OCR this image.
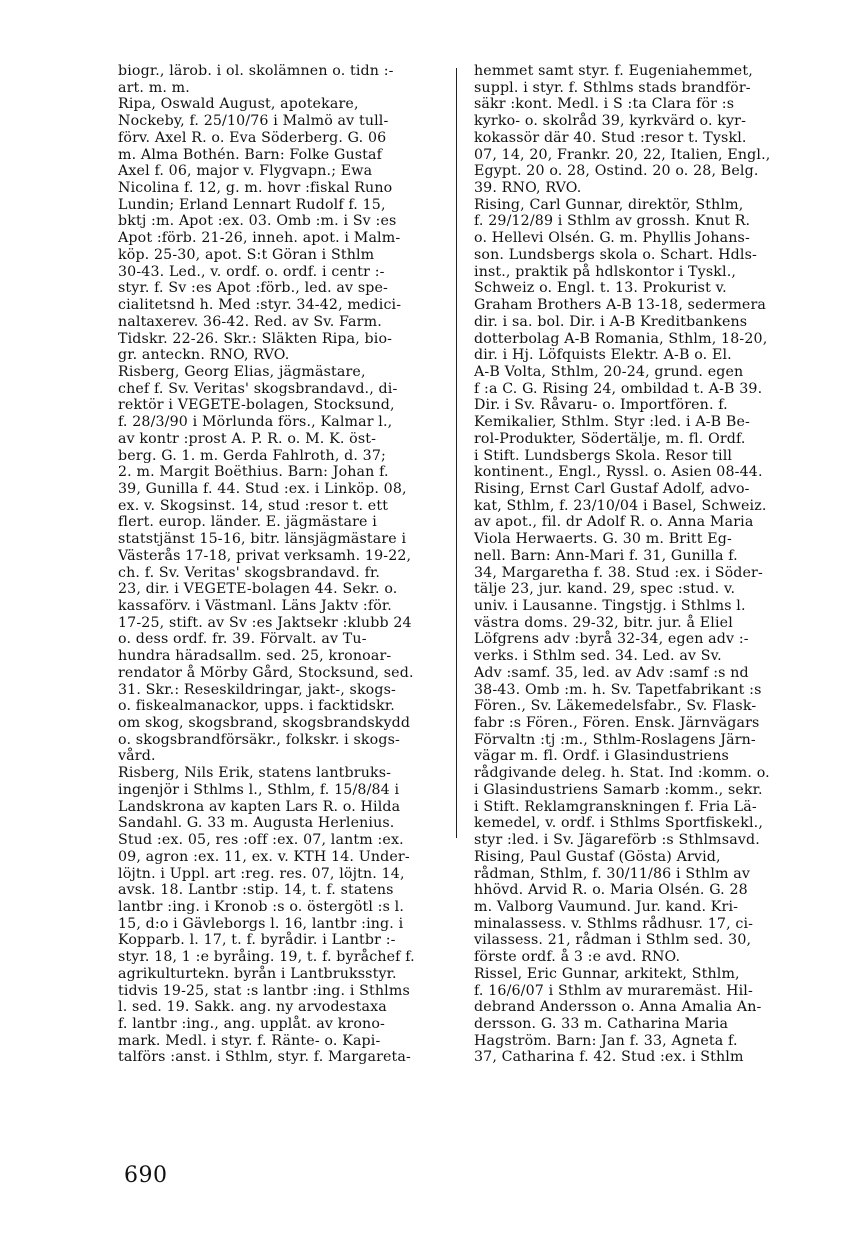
biogr., lärob. i ol. skolämnen o. tidn :-
art. m. m.
Ripa, Oswald August, apotekare,
Nockeby, f. 25/10/76 i Malmö av tull-
förv. Axel R. o. Eva Söderberg. G. 06
m. Alma Bothén. Barn: Folke Gustaf
Axel f. 06, major v. Flygvapn.; Ewa
Nicolina f. 12, g. m. hovr :fiskal Runo
Lundin; Erland Lennart Rudolf f. 15,
bktj :m. Apot :ex. 03. Omb :m. i Sv :es
Apot :förb. 21-26, inneh. apot. i Malm-
köp. 25-30, apot. S:t Göran i Sthlm
30-43. Led., v. ordf. o. ordf. i centr :-
styr. f. Sv :es Apot :förb., led. av spe-
cialitetsnd h. Med :styr. 34-42, medici-
naltaxerev. 36-42. Red. av Sv. Farm.
Tidskr. 22-26. Skr.: Släkten Ripa, bio-
gr. anteckn. RNO, RVO.
Risberg, Georg Elias, jägmästare,
chef f. Sv. Veritas' skogsbrandavd., di-
rektör i VEGETE-bolagen, Stocksund,
f. 28/3/90 i Mörlunda förs., Kalmar l.,
av kontr :prost A. P. R. o. M. K. öst-
berg. G. 1. m. Gerda Fahlroth, d. 37;
2. m. Margit Boëthius. Barn: Johan f.
39, Gunilla f. 44. Stud :ex. i Linköp. 08,
ex. v. Skogsinst. 14, stud :resor t. ett
flert. europ. länder. E. jägmästare i
statstjänst 15-16, bitr. länsjägmästare i
Västerås 17-18, privat verksamh. 19-22,
ch. f. Sv. Veritas' skogsbrandavd. fr.
23, dir. i VEGETE-bolagen 44. Sekr. o.
kassaförv. i Västmanl. Läns Jaktv :för.
17-25, stift. av Sv :es Jaktsekr :klubb 24
o. dess ordf. fr. 39. Förvalt. av Tu-
hundra häradsallm. sed. 25, kronoar-
rendator å Mörby Gård, Stocksund, sed.
31. Skr.: Reseskildringar, jakt-, skogs-
o. fiskealmanackor, upps. i facktidskr.
om skog, skogsbrand, skogsbrandskydd
o. skogsbrandförsäkr., folkskr. i skogs-
vård.
Risberg, Nils Erik, statens lantbruks-
ingenjör i Sthlms l., Sthlm, f. 15/8/84 i
Landskrona av kapten Lars R. o. Hilda
Sandahl. G. 33 m. Augusta Herlenius.
Stud :ex. 05, res :off :ex. 07, lantm :ex.
09, agron :ex. 11, ex. v. KTH 14. Under-
löjtn. i Uppl. art :reg. res. 07, löjtn. 14,
avsk. 18. Lantbr :stip. 14, t. f. statens
lantbr :ing. i Kronob :s o. östergötl :s l.
15, d:o i Gävleborgs l. 16, lantbr :ing. i
Kopparb. l. 17, t. f. byrådir. i Lantbr :-
styr. 18, 1 :e byråing. 19, t. f. byråchef f.
agrikulturtekn. byrån i Lantbruksstyr.
tidvis 19-25, stat :s lantbr :ing. i Sthlms
l. sed. 19. Sakk. ang. ny arvodestaxa
f. lantbr :ing., ang. upplåt. av krono-
mark. Medl. i styr. f. Ränte- o. Kapi-
talförs :anst. i Sthlm, styr. f. Margareta-
hemmet samt styr. f. Eugeniahemmet,
suppl. i styr. f. Sthlms stads brandför-
säkr :kont. Medl. i S :ta Clara för :s
kyrko- o. skolråd 39, kyrkvärd o. kyr-
kokassör där 40. Stud :resor t. Tyskl.
07, 14, 20, Frankr. 20, 22, Italien, Engl.,
Egypt. 20 o. 28, Ostind. 20 o. 28, Belg.
39. RNO, RVO.
Rising, Carl Gunnar, direktör, Sthlm,
f. 29/12/89 i Sthlm av grossh. Knut R.
o. Hellevi Olsén. G. m. Phyllis Johans-
son. Lundsbergs skola o. Schart. Hdls-
inst., praktik på hdlskontor i Tyskl.,
Schweiz o. Engl. t. 13. Prokurist v.
Graham Brothers A-B 13-18, sedermera
dir. i sa. bol. Dir. i A-B Kreditbankens
dotterbolag A-B Romania, Sthlm, 18-20,
dir. i Hj. Löfquists Elektr. A-B o. El.
A-B Volta, Sthlm, 20-24, grund. egen
f :a C. G. Rising 24, ombildad t. A-B 39.
Dir. i Sv. Råvaru- o. Importfören. f.
Kemikalier, Sthlm. Styr :led. i A-B Be-
rol-Produkter, Södertälje, m. fl. Ordf.
i Stift. Lundsbergs Skola. Resor till
kontinent., Engl., Ryssl. o. Asien 08-44.
Rising, Ernst Carl Gustaf Adolf, advo-
kat, Sthlm, f. 23/10/04 i Basel, Schweiz.
av apot., fil. dr Adolf R. o. Anna Maria
Viola Herwaerts. G. 30 m. Britt Eg-
nell. Barn: Ann-Mari f. 31, Gunilla f.
34, Margaretha f. 38. Stud :ex. i Söder-
tälje 23, jur. kand. 29, spec :stud. v.
univ. i Lausanne. Tingstjg. i Sthlms l.
västra doms. 29-32, bitr. jur. å Eliel
Löfgrens adv :byrå 32-34, egen adv :-
verks. i Sthlm sed. 34. Led. av Sv.
Adv :samf. 35, led. av Adv :samf :s nd
38-43. Omb :m. h. Sv. Tapetfabrikant :s
Fören., Sv. Läkemedelsfabr., Sv. Flask-
fabr :s Fören., Fören. Ensk. Järnvägars
Förvaltn :tj :m., Sthlm-Roslagens Järn-
vägar m. fl. Ordf. i Glasindustriens
rådgivande deleg. h. Stat. Ind :komm. o.
i Glasindustriens Samarb :komm., sekr.
i Stift. Reklamgranskningen f. Fria Lä-
kemedel, v. ordf. i Sthlms Sportfiskekl.,
styr :led. i Sv. Jägareförb :s Sthlmsavd.
Rising, Paul Gustaf (Gösta) Arvid,
rådman, Sthlm, f. 30/11/86 i Sthlm av
hhövd. Arvid R. o. Maria Olsén. G. 28
m. Valborg Vaumund. Jur. kand. Kri-
minalassess. v. Sthlms rådhusr. 17, ci-
vilassess. 21, rådman i Sthlm sed. 30,
förste ordf. å 3 :e avd. RNO.
Rissel, Eric Gunnar, arkitekt, Sthlm,
f. 16/6/07 i Sthlm av muraremäst. Hil-
debrand Andersson o. Anna Amalia An-
dersson. G. 33 m. Catharina Maria
Hagström. Barn: Jan f. 33, Agneta f.
37, Catharina f. 42. Stud :ex. i Sthlm
690
